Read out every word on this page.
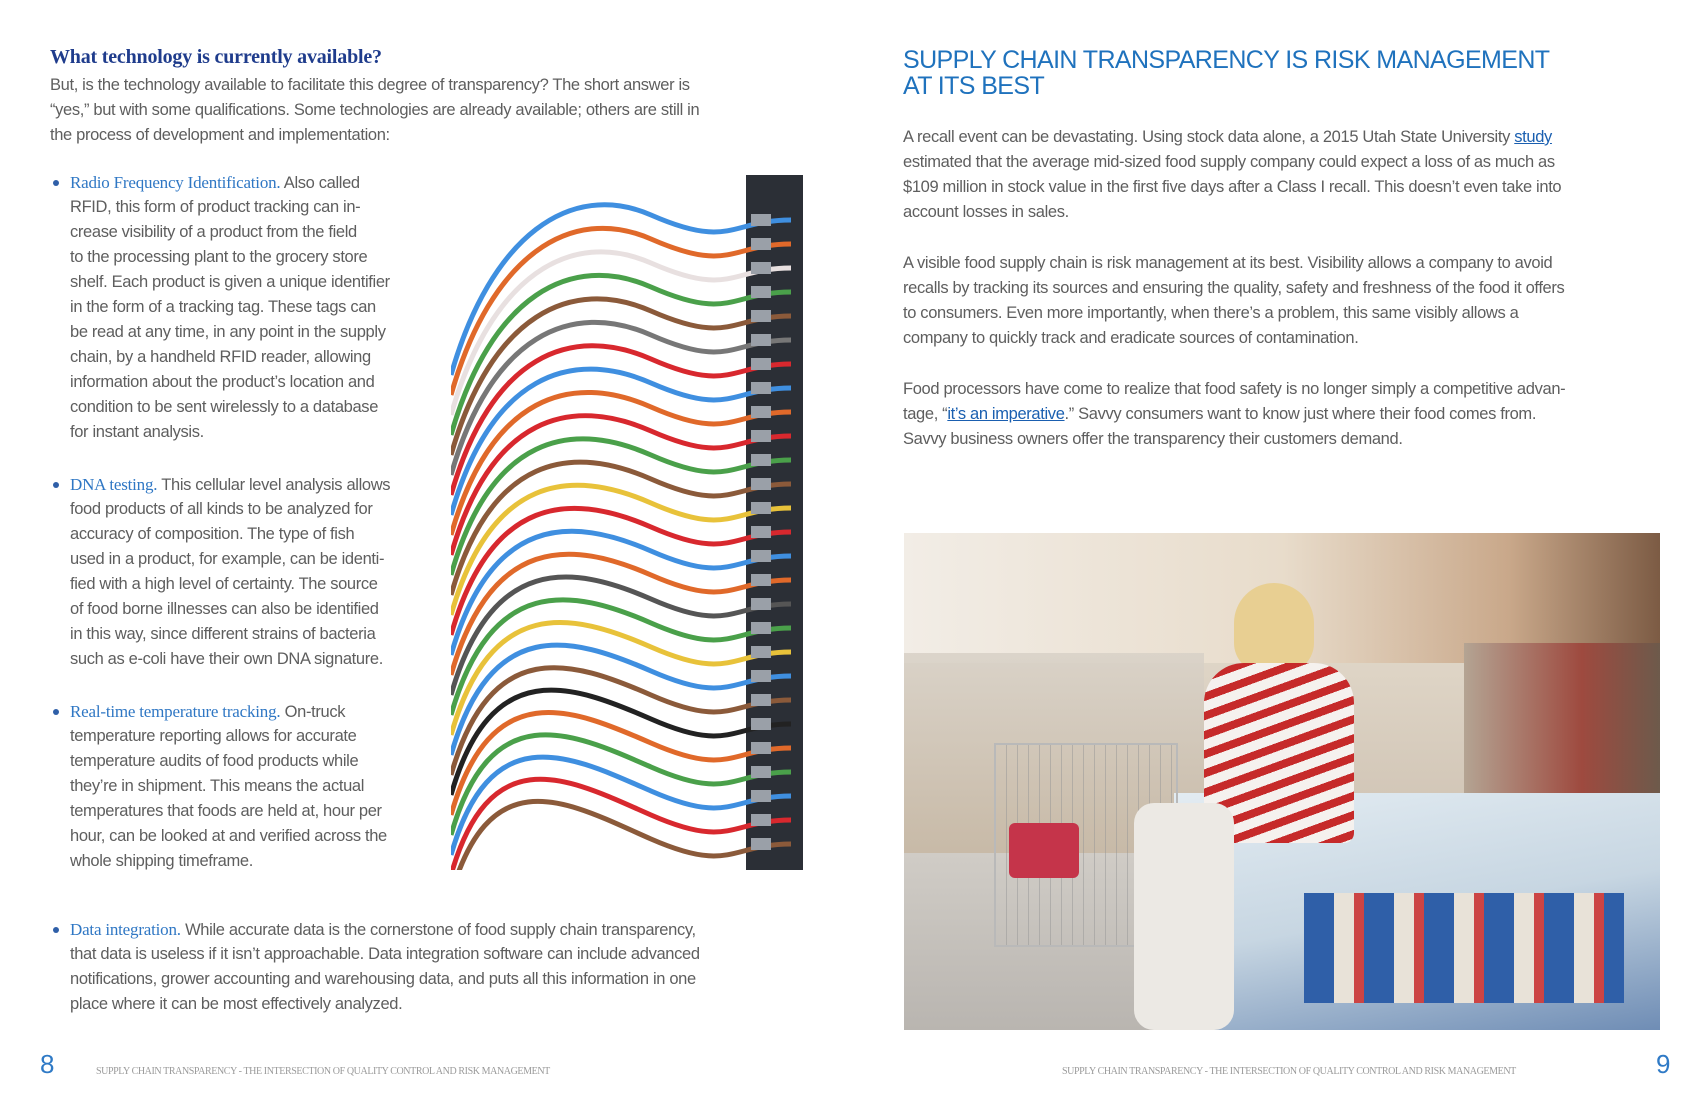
What technology is currently available?
But, is the technology available to facilitate this degree of transparency? The short answer is
“yes,” but with some qualifications. Some technologies are already available; others are still in
the process of development and implementation:
Radio Frequency Identification. Also called
RFID, this form of product tracking can in-
crease visibility of a product from the field
to the processing plant to the grocery store
shelf. Each product is given a unique identifier
in the form of a tracking tag. These tags can
be read at any time, in any point in the supply
chain, by a handheld RFID reader, allowing
information about the product’s location and
condition to be sent wirelessly to a database
for instant analysis.
DNA testing. This cellular level analysis allows
food products of all kinds to be analyzed for
accuracy of composition. The type of fish
used in a product, for example, can be identi-
fied with a high level of certainty. The source
of food borne illnesses can also be identified
in this way, since different strains of bacteria
such as e-coli have their own DNA signature.
Real-time temperature tracking. On-truck
temperature reporting allows for accurate
temperature audits of food products while
they’re in shipment. This means the actual
temperatures that foods are held at, hour per
hour, can be looked at and verified across the
whole shipping timeframe.
Data integration. While accurate data is the cornerstone of food supply chain transparency,
that data is useless if it isn’t approachable. Data integration software can include advanced
notifications, grower accounting and warehousing data, and puts all this information in one
place where it can be most effectively analyzed.
SUPPLY CHAIN TRANSPARENCY IS RISK MANAGEMENT
AT ITS BEST
A recall event can be devastating. Using stock data alone, a 2015 Utah State University study
estimated that the average mid-sized food supply company could expect a loss of as much as
$109 million in stock value in the first five days after a Class I recall. This doesn’t even take into
account losses in sales.
A visible food supply chain is risk management at its best. Visibility allows a company to avoid
recalls by tracking its sources and ensuring the quality, safety and freshness of the food it offers
to consumers. Even more importantly, when there’s a problem, this same visibly allows a
company to quickly track and eradicate sources of contamination.
Food processors have come to realize that food safety is no longer simply a competitive advan-
tage, “it’s an imperative.” Savvy consumers want to know just where their food comes from.
Savvy business owners offer the transparency their customers demand.
8	SUPPLY CHAIN TRANSPARENCY - THE INTERSECTION OF QUALITY CONTROL AND RISK MANAGEMENT	SUPPLY CHAIN TRANSPARENCY - THE INTERSECTION OF QUALITY CONTROL AND RISK MANAGEMENT	9
